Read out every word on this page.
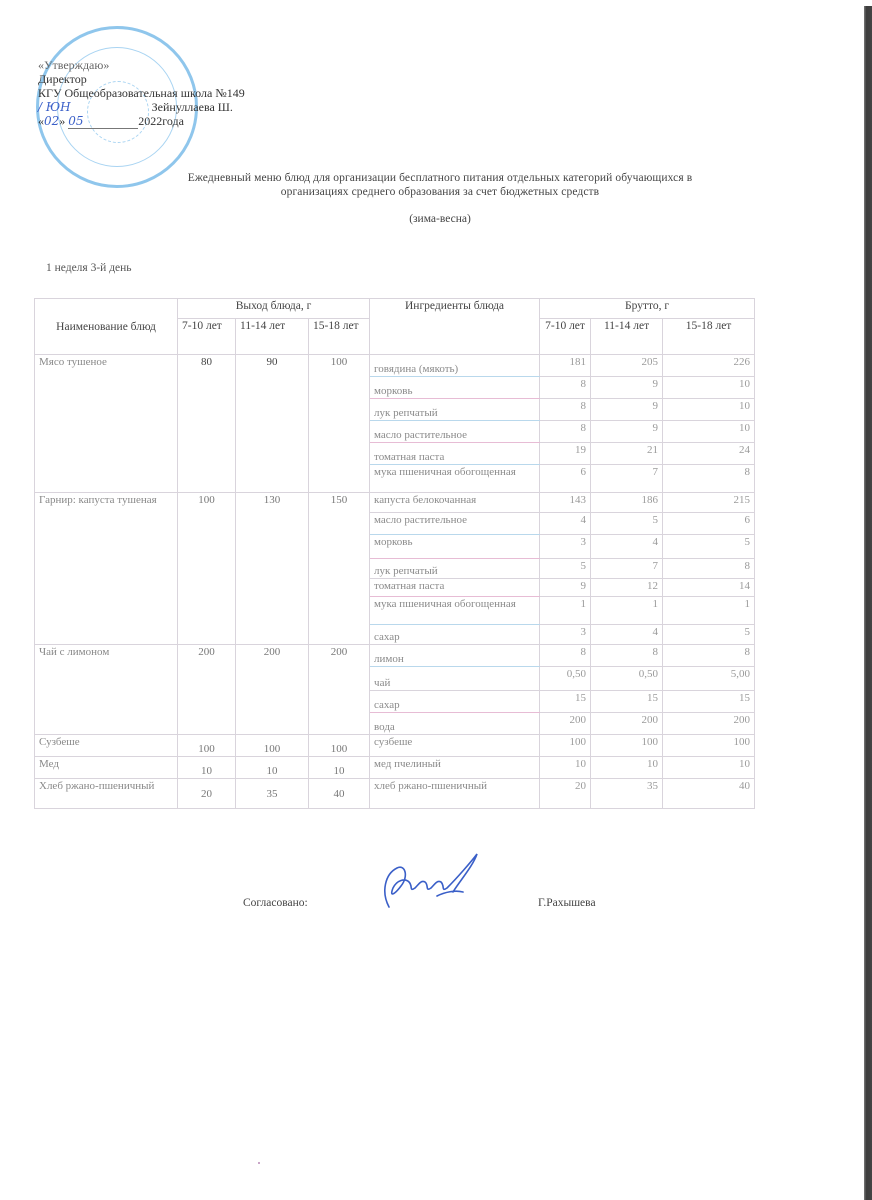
«Утверждаю»
Директор
КГУ Общеобразовательная школа №149
/ ЮН	Зейнуллаева Ш.
«02» 05	2022года
Ежедневный меню блюд для организации бесплатного питания отдельных категорий обучающихся в
организациях среднего образования за счет бюджетных средств
(зима-весна)
1 неделя 3-й день
Наименование блюд	Выход блюда, г			Ингредиенты блюда	Брутто, г		
	7-10 лет	11-14 лет	15-18 лет		7-10 лет	11-14 лет	15-18 лет
Мясо тушеное	80	90	100	говядина (мякоть)	181	205	226
				морковь	8	9	10
				лук репчатый	8	9	10
				масло растительное	8	9	10
				томатная паста	19	21	24
				мука пшеничная обогощенная	6	7	8
Гарнир: капуста тушеная	100	130	150	капуста белокочанная	143	186	215
				масло растительное	4	5	6
				морковь	3	4	5
				лук репчатый	5	7	8
				томатная паста	9	12	14
				мука пшеничная обогощенная	1	1	1
				сахар	3	4	5
Чай с лимоном	200	200	200	лимон	8	8	8
				чай	0,50	0,50	5,00
				сахар	15	15	15
				вода	200	200	200
Сузбеше	100	100	100	сузбеше	100	100	100
Мед	10	10	10	мед пчелиный	10	10	10
Хлеб ржано-пшеничный	20	35	40	хлеб ржано-пшеничный	20	35	40
Согласовано:	Г.Рахышева
